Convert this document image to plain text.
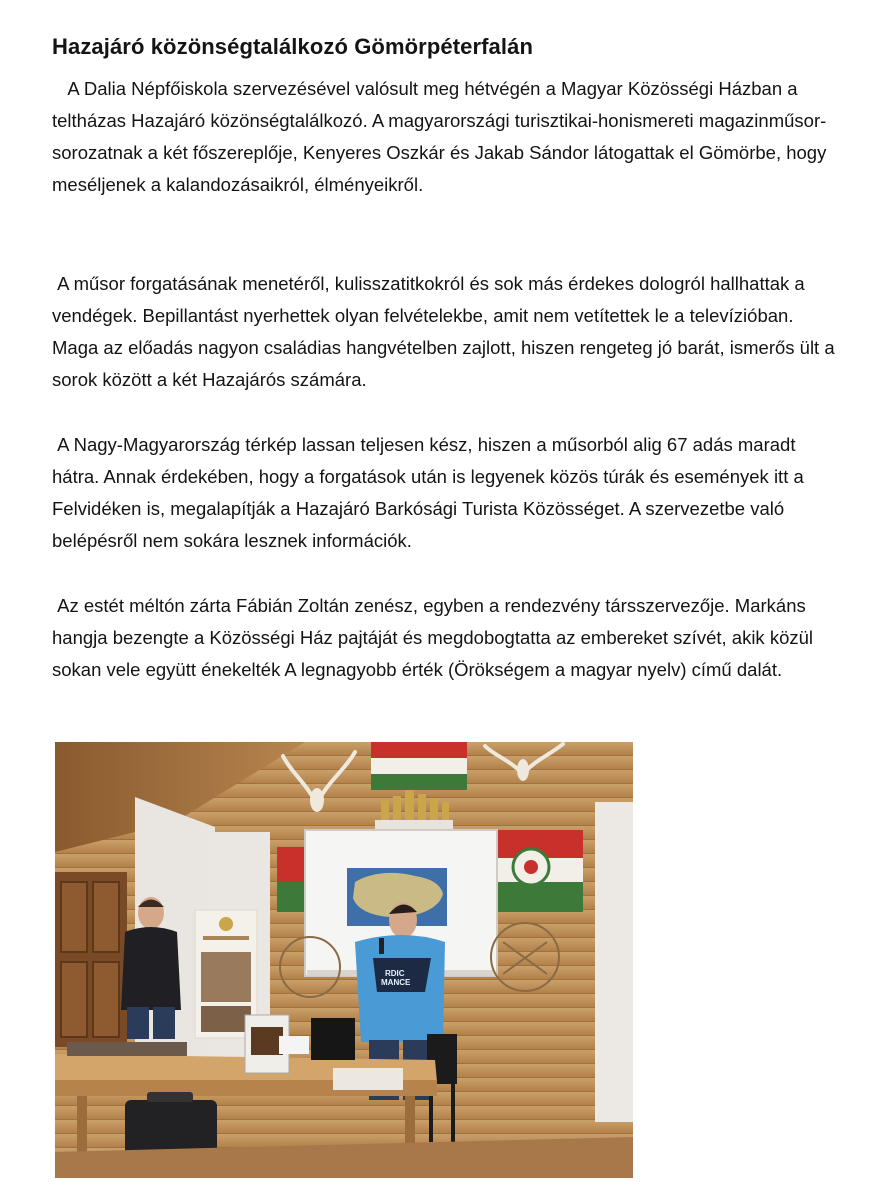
Hazajáró közönségtalálkozó Gömörpéterfalán

A Dalia Népfőiskola szervezésével valósult meg hétvégén a Magyar Közösségi Házban a teltházas Hazajáró közönségtalálkozó. A magyarországi turisztikai-honismereti magazinműsor-sorozatnak a két főszereplője, Kenyeres Oszkár és Jakab Sándor látogattak el Gömörbe, hogy meséljenek a kalandozásaikról, élményeikről.

A műsor forgatásának menetéről, kulisszatitkokról és sok más érdekes dologról hallhattak a vendégek. Bepillantást nyerhettek olyan felvételekbe, amit nem vetítettek le a televízióban. Maga az előadás nagyon családias hangvételben zajlott, hiszen rengeteg jó barát, ismerős ült a sorok között a két Hazajárós számára.

A Nagy-Magyarország térkép lassan teljesen kész, hiszen a műsorból alig 67 adás maradt hátra. Annak érdekében, hogy a forgatások után is legyenek közös túrák és események itt a Felvidéken is, megalapítják a Hazajáró Barkósági Turista Közösséget. A szervezetbe való belépésről nem sokára lesznek információk.

Az estét méltón zárta Fábián Zoltán zenész, egyben a rendezvény társszervezője. Markáns hangja bezengte a Közösségi Ház pajtáját és megdobogtatta az embereket szívét, akik közül sokan vele együtt énekelték A legnagyobb érték (Örökségem a magyar nyelv) című dalát.

RDIC MANCE
